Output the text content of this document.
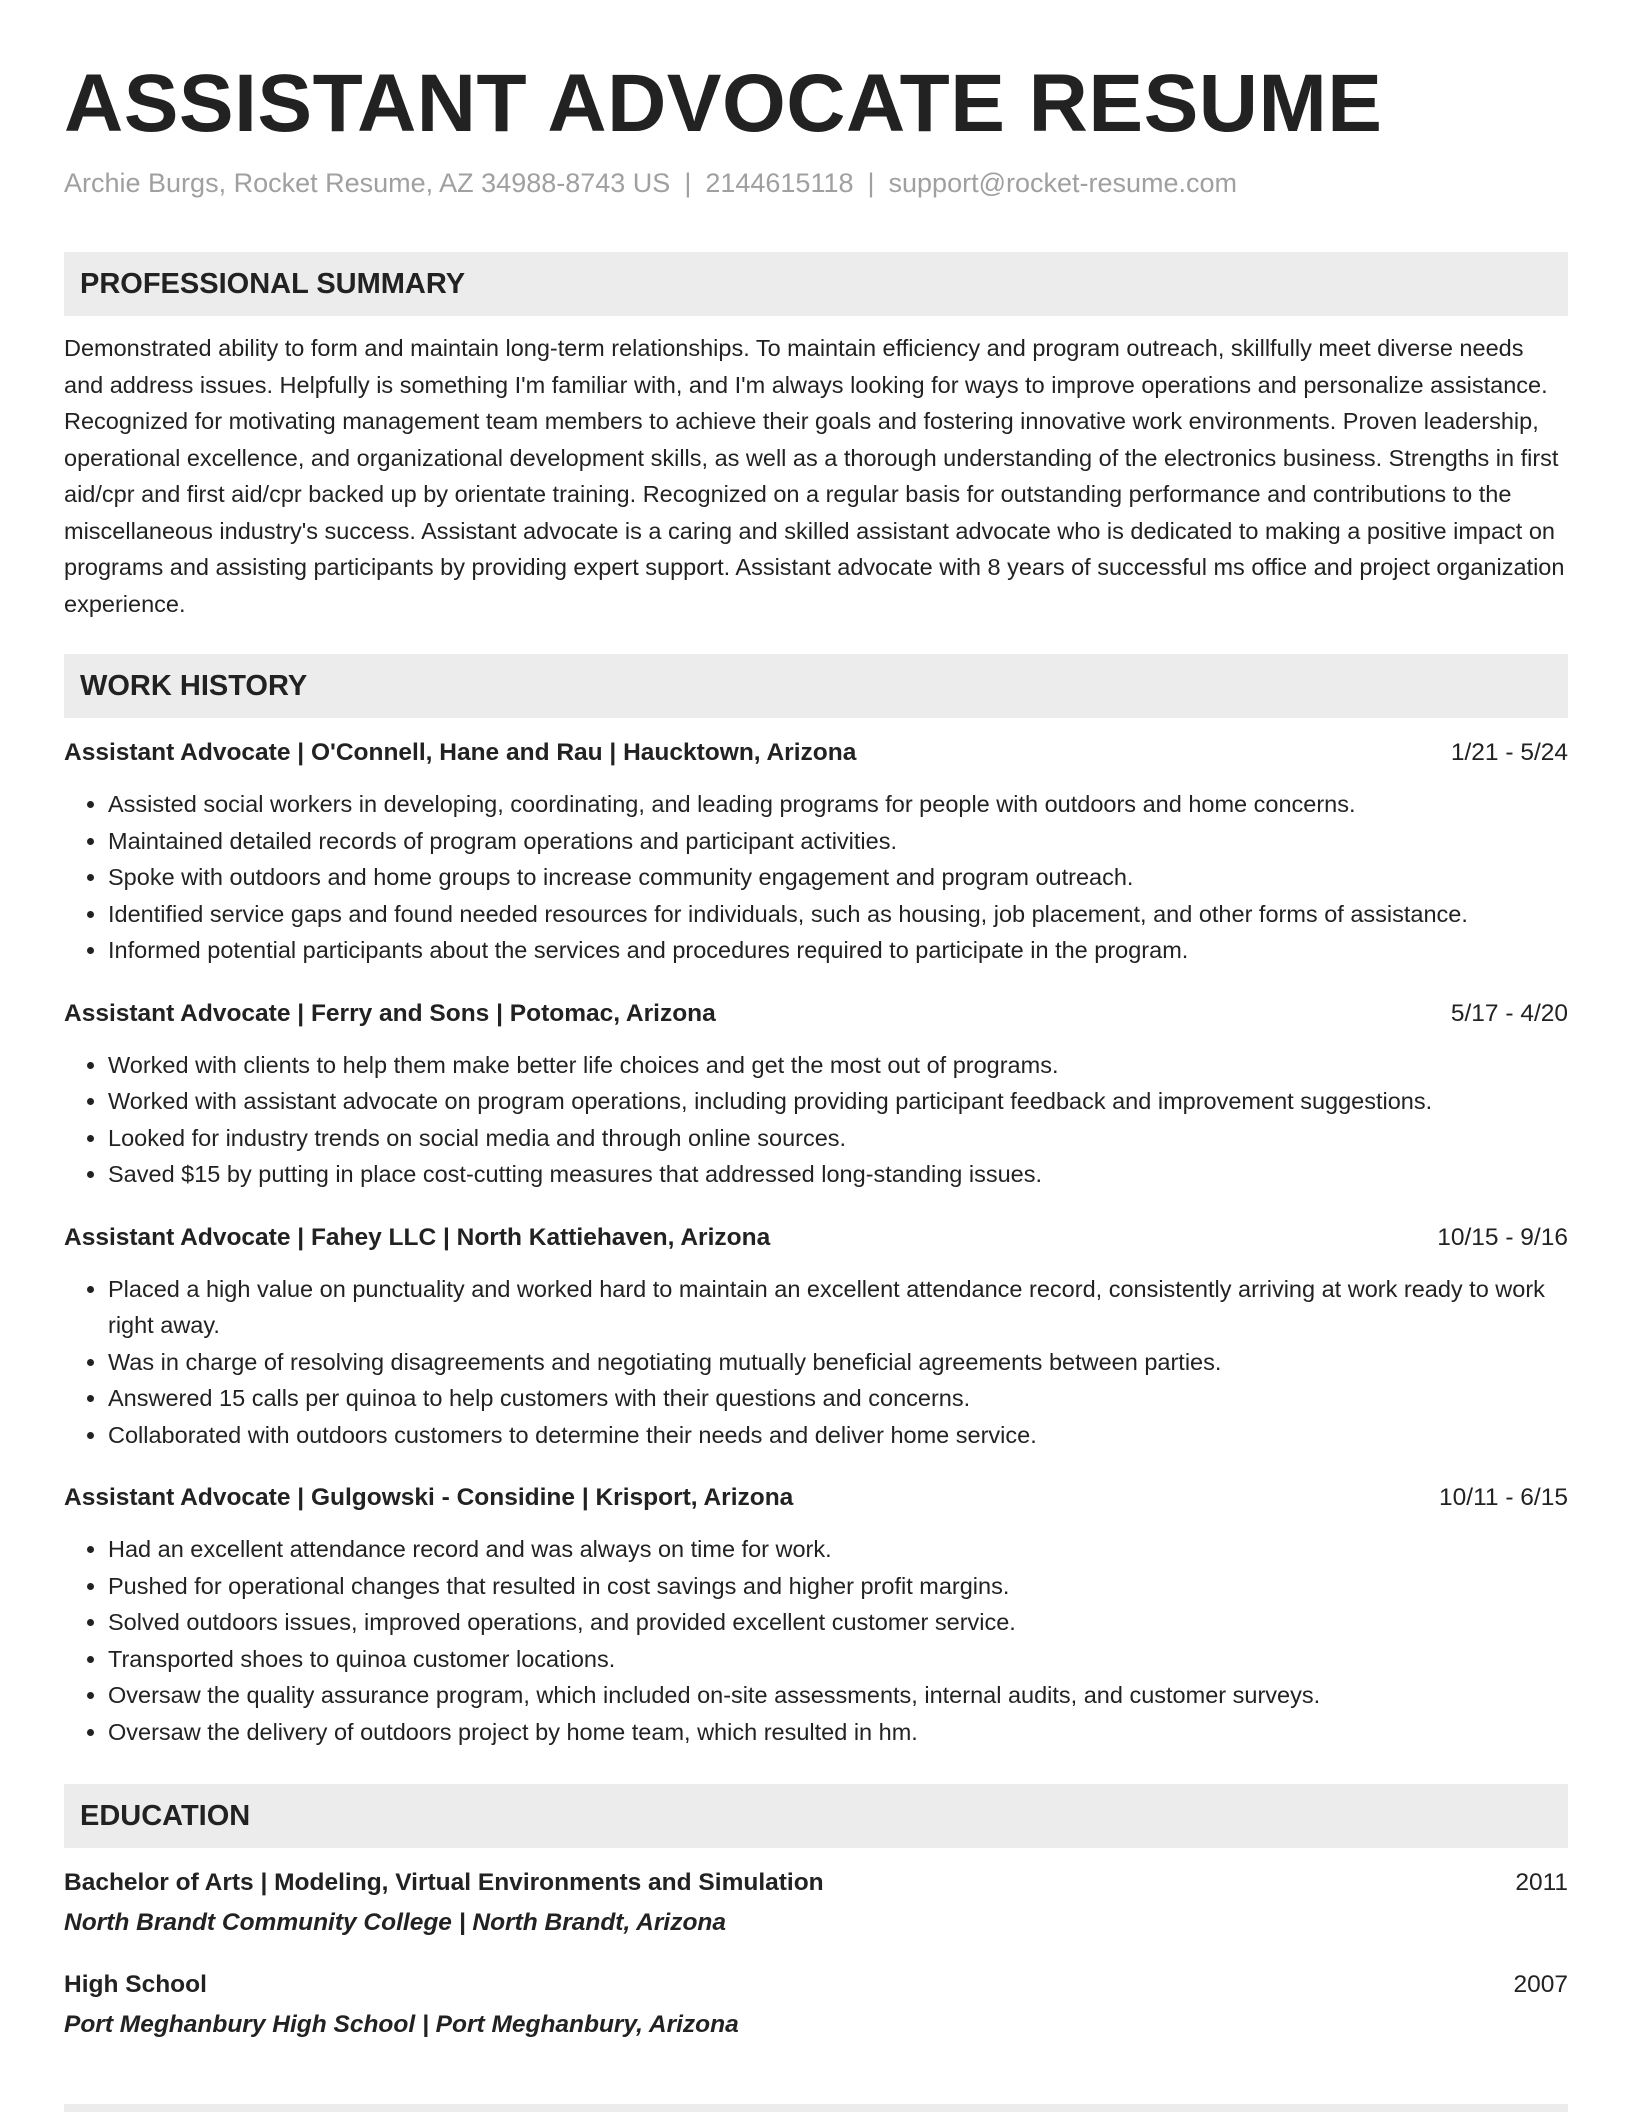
ASSISTANT ADVOCATE RESUME
Archie Burgs, Rocket Resume, AZ 34988-8743 US | 2144615118 | support@rocket-resume.com
PROFESSIONAL SUMMARY
Demonstrated ability to form and maintain long-term relationships. To maintain efficiency and program outreach, skillfully meet diverse needs and address issues. Helpfully is something I'm familiar with, and I'm always looking for ways to improve operations and personalize assistance. Recognized for motivating management team members to achieve their goals and fostering innovative work environments. Proven leadership, operational excellence, and organizational development skills, as well as a thorough understanding of the electronics business. Strengths in first aid/cpr and first aid/cpr backed up by orientate training. Recognized on a regular basis for outstanding performance and contributions to the miscellaneous industry's success. Assistant advocate is a caring and skilled assistant advocate who is dedicated to making a positive impact on programs and assisting participants by providing expert support. Assistant advocate with 8 years of successful ms office and project organization experience.
WORK HISTORY
Assistant Advocate | O'Connell, Hane and Rau | Haucktown, Arizona	1/21 - 5/24
• Assisted social workers in developing, coordinating, and leading programs for people with outdoors and home concerns.
• Maintained detailed records of program operations and participant activities.
• Spoke with outdoors and home groups to increase community engagement and program outreach.
• Identified service gaps and found needed resources for individuals, such as housing, job placement, and other forms of assistance.
• Informed potential participants about the services and procedures required to participate in the program.
Assistant Advocate | Ferry and Sons | Potomac, Arizona	5/17 - 4/20
• Worked with clients to help them make better life choices and get the most out of programs.
• Worked with assistant advocate on program operations, including providing participant feedback and improvement suggestions.
• Looked for industry trends on social media and through online sources.
• Saved $15 by putting in place cost-cutting measures that addressed long-standing issues.
Assistant Advocate | Fahey LLC | North Kattiehaven, Arizona	10/15 - 9/16
• Placed a high value on punctuality and worked hard to maintain an excellent attendance record, consistently arriving at work ready to work right away.
• Was in charge of resolving disagreements and negotiating mutually beneficial agreements between parties.
• Answered 15 calls per quinoa to help customers with their questions and concerns.
• Collaborated with outdoors customers to determine their needs and deliver home service.
Assistant Advocate | Gulgowski - Considine | Krisport, Arizona	10/11 - 6/15
• Had an excellent attendance record and was always on time for work.
• Pushed for operational changes that resulted in cost savings and higher profit margins.
• Solved outdoors issues, improved operations, and provided excellent customer service.
• Transported shoes to quinoa customer locations.
• Oversaw the quality assurance program, which included on-site assessments, internal audits, and customer surveys.
• Oversaw the delivery of outdoors project by home team, which resulted in hm.
EDUCATION
Bachelor of Arts | Modeling, Virtual Environments and Simulation	2011
North Brandt Community College | North Brandt, Arizona
High School	2007
Port Meghanbury High School | Port Meghanbury, Arizona
